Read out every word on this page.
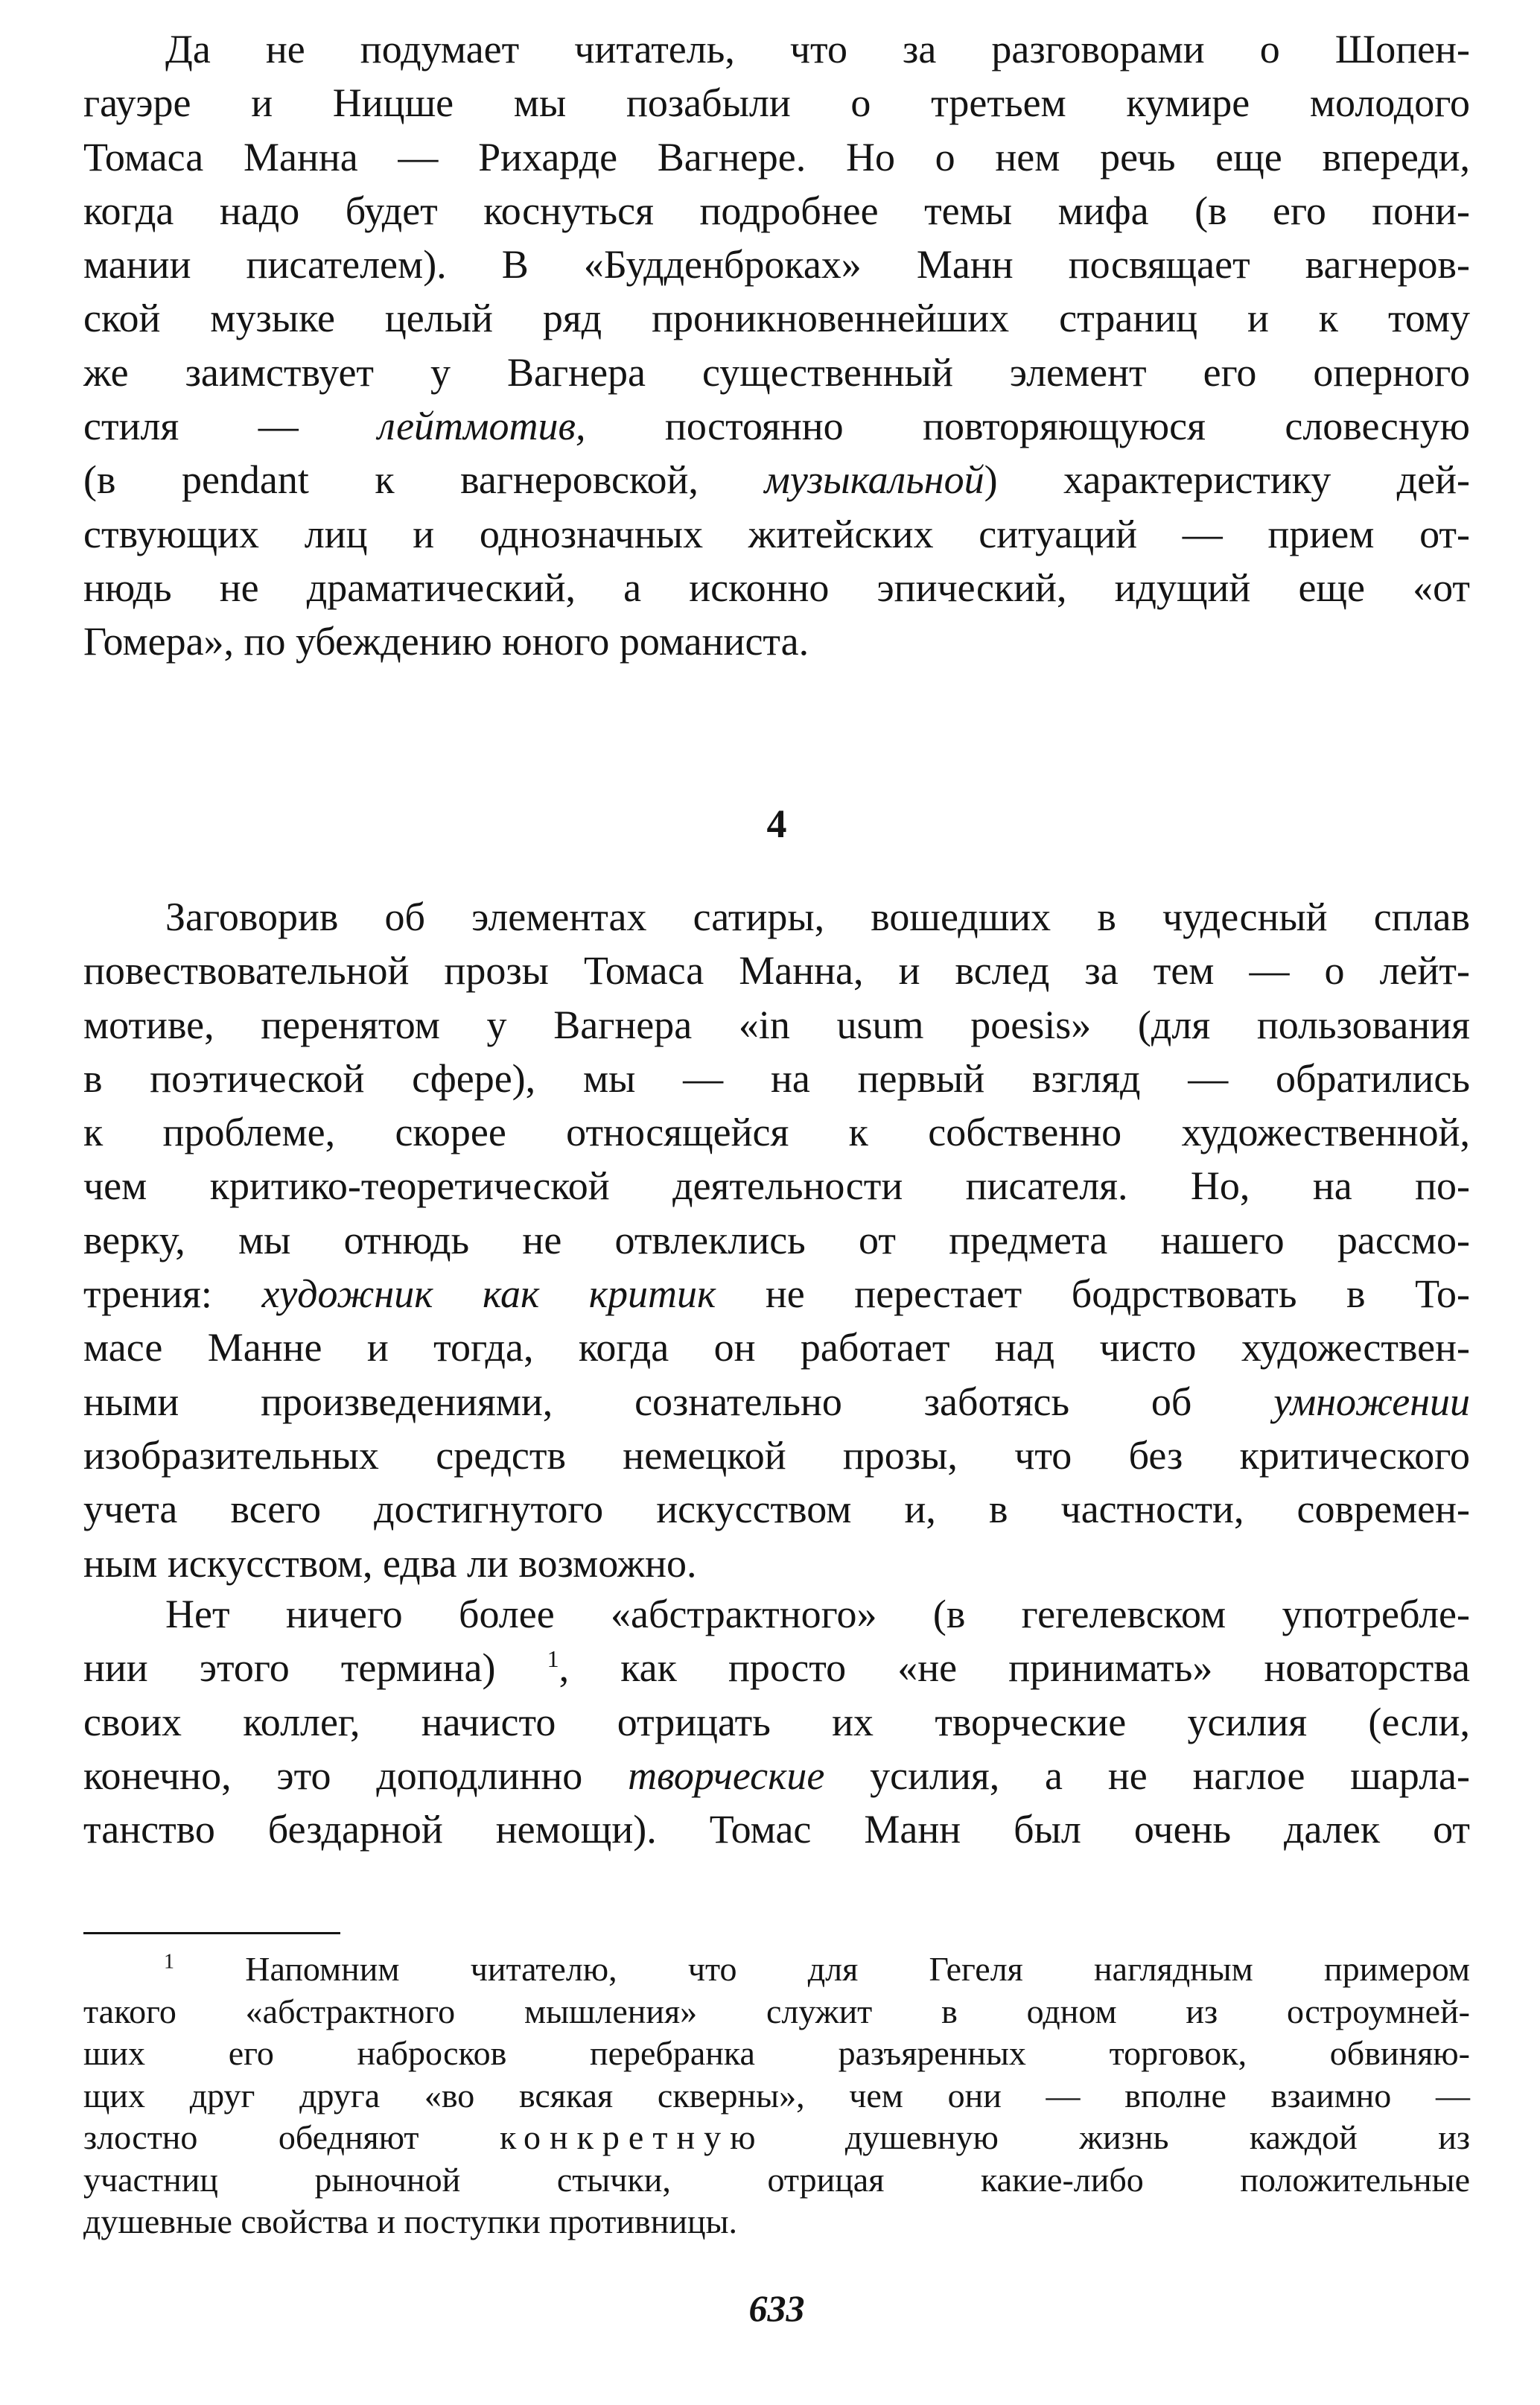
Да не подумает читатель, что за разговорами о Шопен-
гауэре и Ницше мы позабыли о третьем кумире молодого
Томаса Манна — Рихарде Вагнере. Но о нем речь еще впереди,
когда надо будет коснуться подробнее темы мифа (в его пони-
мании писателем). В «Будденброках» Манн посвящает вагнеров-
ской музыке целый ряд проникновеннейших страниц и к тому
же заимствует у Вагнера существенный элемент его оперного
стиля — лейтмотив, постоянно повторяющуюся словесную
(в pendant к вагнеровской, музыкальной) характеристику дей-
ствующих лиц и однозначных житейских ситуаций — прием от-
нюдь не драматический, а исконно эпический, идущий еще «от
Гомера», по убеждению юного романиста.
4
Заговорив об элементах сатиры, вошедших в чудесный сплав
повествовательной прозы Томаса Манна, и вслед за тем — о лейт-
мотиве, перенятом у Вагнера «in usum poesis» (для пользования
в поэтической сфере), мы — на первый взгляд — обратились
к проблеме, скорее относящейся к собственно художественной,
чем критико-теоретической деятельности писателя. Но, на по-
верку, мы отнюдь не отвлеклись от предмета нашего рассмо-
трения: художник как критик не перестает бодрствовать в То-
масе Манне и тогда, когда он работает над чисто художествен-
ными произведениями, сознательно заботясь об умножении
изобразительных средств немецкой прозы, что без критического
учета всего достигнутого искусством и, в частности, современ-
ным искусством, едва ли возможно.
Нет ничего более «абстрактного» (в гегелевском употребле-
нии этого термина) $^1$, как просто «не принимать» новаторства
своих коллег, начисто отрицать их творческие усилия (если,
конечно, это доподлинно творческие усилия, а не наглое шарла-
танство бездарной немощи). Томас Манн был очень далек от
$^1$ Напомним читателю, что для Гегеля наглядным примером
такого «абстрактного мышления» служит в одном из остроумней-
ших его набросков перебранка разъяренных торговок, обвиняю-
щих друг друга «во всякая скверны», чем они — вполне взаимно —
злостно обедняют конкретную душевную жизнь каждой из
участниц рыночной стычки, отрицая какие-либо положительные
душевные свойства и поступки противницы.
633
